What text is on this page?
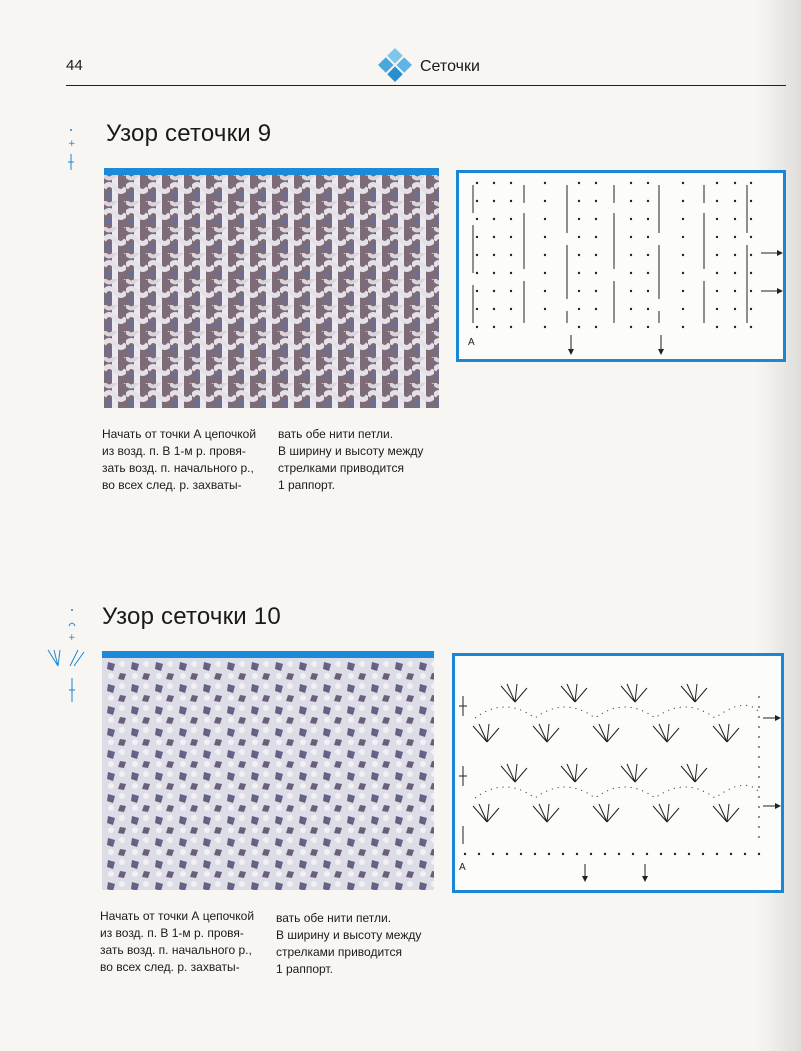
44	Сеточки
+ Узор сеточки 9
A

Начать от точки А цепочкой

из возд. п. В 1-м р. провя-

зать возд. п. начального р.,

во всех след. р. захваты-

вать обе нити петли.

В ширину и высоту между

стрелками приводится

1 раппорт.

+
Узор сеточки 10
A

Начать от точки А цепочкой

из возд. п. В 1-м р. провя-

зать возд. п. начального р.,

во всех след. р. захваты-

вать обе нити петли.

В ширину и высоту между

стрелками приводится

1 раппорт.
